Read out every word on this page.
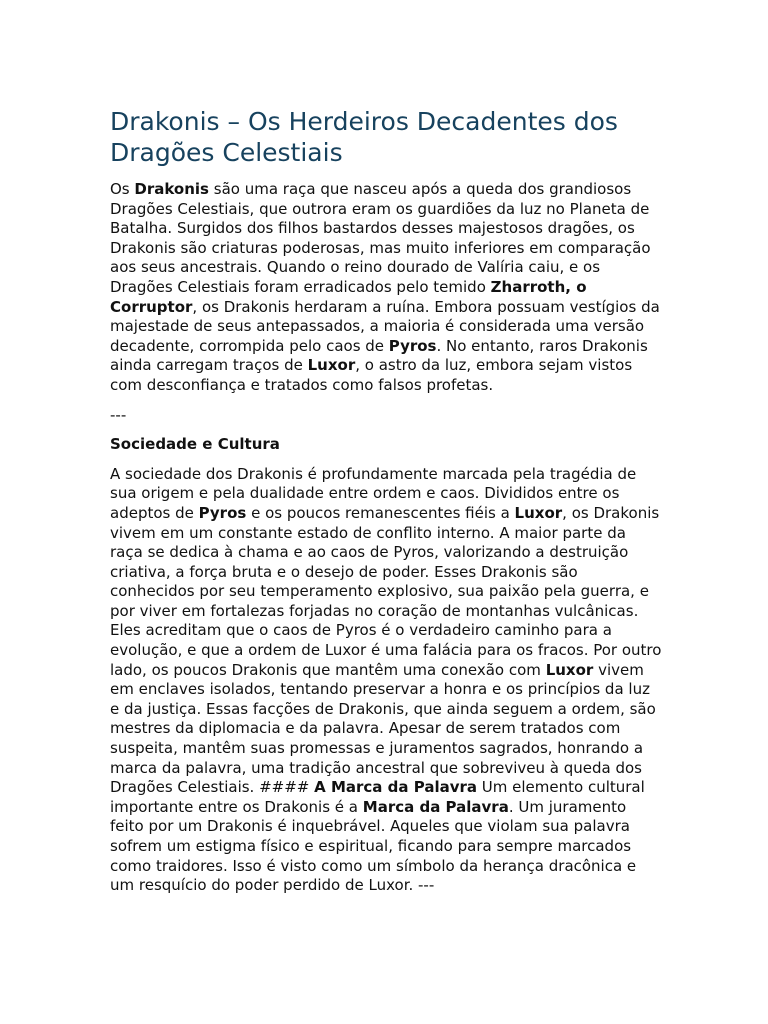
Drakonis – Os Herdeiros Decadentes dos Dragões Celestiais

Os Drakonis são uma raça que nasceu após a queda dos grandiosos Dragões Celestiais, que outrora eram os guardiões da luz no Planeta de Batalha. Surgidos dos filhos bastardos desses majestosos dragões, os Drakonis são criaturas poderosas, mas muito inferiores em comparação aos seus ancestrais. Quando o reino dourado de Valíria caiu, e os Dragões Celestiais foram erradicados pelo temido Zharroth, o Corruptor, os Drakonis herdaram a ruína. Embora possuam vestígios da majestade de seus antepassados, a maioria é considerada uma versão decadente, corrompida pelo caos de Pyros. No entanto, raros Drakonis ainda carregam traços de Luxor, o astro da luz, embora sejam vistos com desconfiança e tratados como falsos profetas.

---

Sociedade e Cultura

A sociedade dos Drakonis é profundamente marcada pela tragédia de sua origem e pela dualidade entre ordem e caos. Divididos entre os adeptos de Pyros e os poucos remanescentes fiéis a Luxor, os Drakonis vivem em um constante estado de conflito interno. A maior parte da raça se dedica à chama e ao caos de Pyros, valorizando a destruição criativa, a força bruta e o desejo de poder. Esses Drakonis são conhecidos por seu temperamento explosivo, sua paixão pela guerra, e por viver em fortalezas forjadas no coração de montanhas vulcânicas. Eles acreditam que o caos de Pyros é o verdadeiro caminho para a evolução, e que a ordem de Luxor é uma falácia para os fracos. Por outro lado, os poucos Drakonis que mantêm uma conexão com Luxor vivem em enclaves isolados, tentando preservar a honra e os princípios da luz e da justiça. Essas facções de Drakonis, que ainda seguem a ordem, são mestres da diplomacia e da palavra. Apesar de serem tratados com suspeita, mantêm suas promessas e juramentos sagrados, honrando a marca da palavra, uma tradição ancestral que sobreviveu à queda dos Dragões Celestiais. #### A Marca da Palavra Um elemento cultural importante entre os Drakonis é a Marca da Palavra. Um juramento feito por um Drakonis é inquebrável. Aqueles que violam sua palavra sofrem um estigma físico e espiritual, ficando para sempre marcados como traidores. Isso é visto como um símbolo da herança dracônica e um resquício do poder perdido de Luxor. ---
